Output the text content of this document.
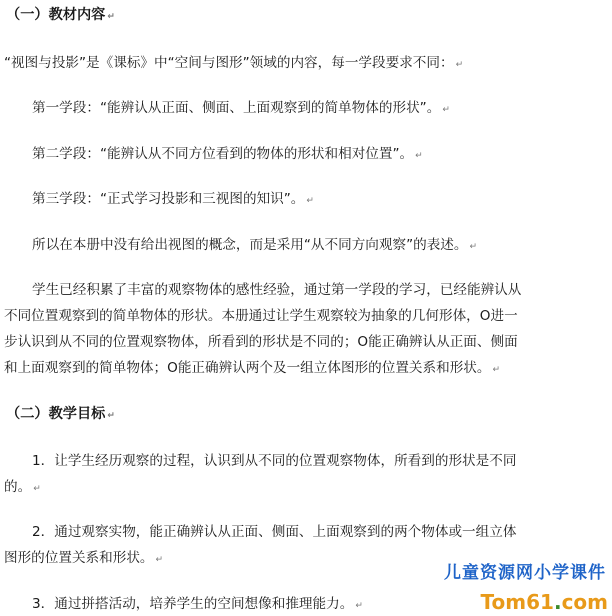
（一）教材内容 ↵
“视图与投影”是《课标》中“空间与图形”领域的内容，每一学段要求不同： ↵
第一学段：“能辨认从正面、侧面、上面观察到的简单物体的形状”。 ↵
第二学段：“能辨认从不同方位看到的物体的形状和相对位置”。 ↵
第三学段：“正式学习投影和三视图的知识”。 ↵
所以在本册中没有给出视图的概念，而是采用“从不同方向观察”的表述。 ↵
学生已经积累了丰富的观察物体的感性经验，通过第一学段的学习，已经能辨认从
不同位置观察到的简单物体的形状。本册通过让学生观察较为抽象的几何形体，O进一
步认识到从不同的位置观察物体，所看到的形状是不同的；O能正确辨认从正面、侧面
和上面观察到的简单物体；O能正确辨认两个及一组立体图形的位置关系和形状。 ↵
（二）教学目标 ↵
1．让学生经历观察的过程，认识到从不同的位置观察物体，所看到的形状是不同
的。 ↵
2．通过观察实物，能正确辨认从正面、侧面、上面观察到的两个物体或一组立体
图形的位置关系和形状。 ↵
3．通过拼搭活动，培养学生的空间想像和推理能力。 ↵
儿童资源网小学课件
Tom61.com
